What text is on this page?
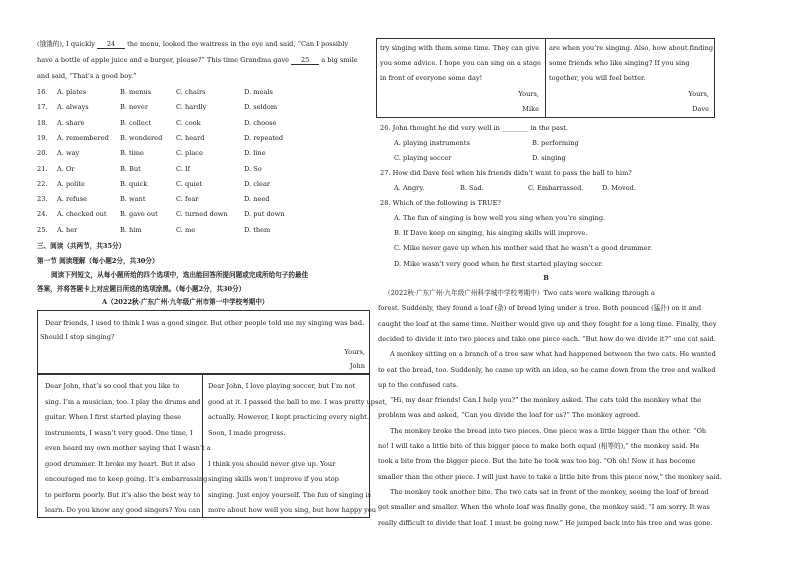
(饿饿的), I quickly 24 the menu, looked the waitress in the eye and said, “Can I possibly
have a bottle of apple juice and a burger, please?” This time Grandma gave 25 a big smile
and said, “That’s a good boy.”
16. A. plates	B. menus	C. chairs	D. meals
17. A. always	B. never	C. hardly	D. seldom
18. A. share	B. collect	C. cook	D. choose
19. A. remembered B. wondered C. heard	D. repeated
20. A. way	B. time	C. place	D. line
21. A. Or	B. But	C. If	D. So
22. A. polite	B. quick	C. quiet	D. clear
23. A. refuse	B. want	C. fear	D. need
24. A. checked out B. gave out	C. turned down D. put down
25. A. her	B. him	C. me	D. them
三、阅读（共两节，共35分）
第一节 阅读理解（每小题2分，共30分）
阅读下列短文，从每小题所给的四个选项中，选出能回答所提问题或完成所给句子的最佳
答案，并将答题卡上对应题目所选的选项涂黑。（每小题2分，共30分）
A（2022秋·广东广州·九年级广州市第一中学校考期中）
Dear friends, I used to think I was a good singer. But other people told me my singing was bad.
Should I stop singing?
Yours,
John
Dear John, that’s so cool that you like to
sing. I’m a musician, too. I play the drums and
guitar. When I first started playing these
instruments, I wasn’t very good. One time, I
even heard my own mother saying that I wasn’t a
good drummer. It broke my heart. But it also
encouraged me to keep going. It’s embarrassing
to perform poorly. But it’s also the best way to
learn. Do you know any good singers? You can
Dear John, I love playing soccer, but I’m not
good at it. I passed the ball to me. I was pretty upset,
actually. However, I kept practicing every night.
Soon, I made progress.
I think you should never give up. Your
singing skills won’t improve if you stop
singing. Just enjoy yourself. The fun of singing is
more about how well you sing, but how happy you
try singing with them some time. They can give
you some advice. I hope you can sing on a stage
in front of everyone some day!
are when you’re singing. Also, how about finding
some friends who like singing? If you sing
together, you will feel better.
Yours,
Mike
Yours,
Dave
26. John thought he did very well in ________ in the past.
A. playing instruments	B. performing
C. playing soccer	D. singing
27. How did Dave feel when his friends didn’t want to pass the ball to him?
A. Angry.	B. Sad.	C. Embarrassed.	D. Moved.
28. Which of the following is TRUE?
A. The fun of singing is how well you sing when you’re singing.
B. If Dave keep on singing, his singing skills will improve.
C. Mike never gave up when his mother said that he wasn’t a good drummer.
D. Mike wasn’t very good when he first started playing soccer.
B
（2022秋·广东广州·九年级广州科学城中学校考期中）Two cats were walking through a
forest. Suddenly, they found a loaf (条) of bread lying under a tree. Both pounced (猛扑) on it and
caught the loaf at the same time. Neither would give up and they fought for a long time. Finally, they
decided to divide it into two pieces and take one piece each. “But how do we divide it?” one cat said.
A monkey sitting on a branch of a tree saw what had happened between the two cats. He wanted
to eat the bread, too. Suddenly, he came up with an idea, so he came down from the tree and walked
up to the confused cats.
“Hi, my dear friends! Can I help you?” the monkey asked. The cats told the monkey what the
problem was and asked, “Can you divide the loaf for us?” The monkey agreed.
The monkey broke the bread into two pieces. One piece was a little bigger than the other. “Oh
no! I will take a little bite of this bigger piece to make both equal (相等的),” the monkey said. He
took a bite from the bigger piece. But the bite he took was too big. “Oh oh! Now it has become
smaller than the other piece. I will just have to take a little bite from this piece now,” the monkey said.
The monkey took another bite. The two cats sat in front of the monkey, seeing the loaf of bread
get smaller and smaller. When the whole loaf was finally gone, the monkey said, “I am sorry. It was
really difficult to divide that loaf. I must be going now.” He jumped back into his tree and was gone.
